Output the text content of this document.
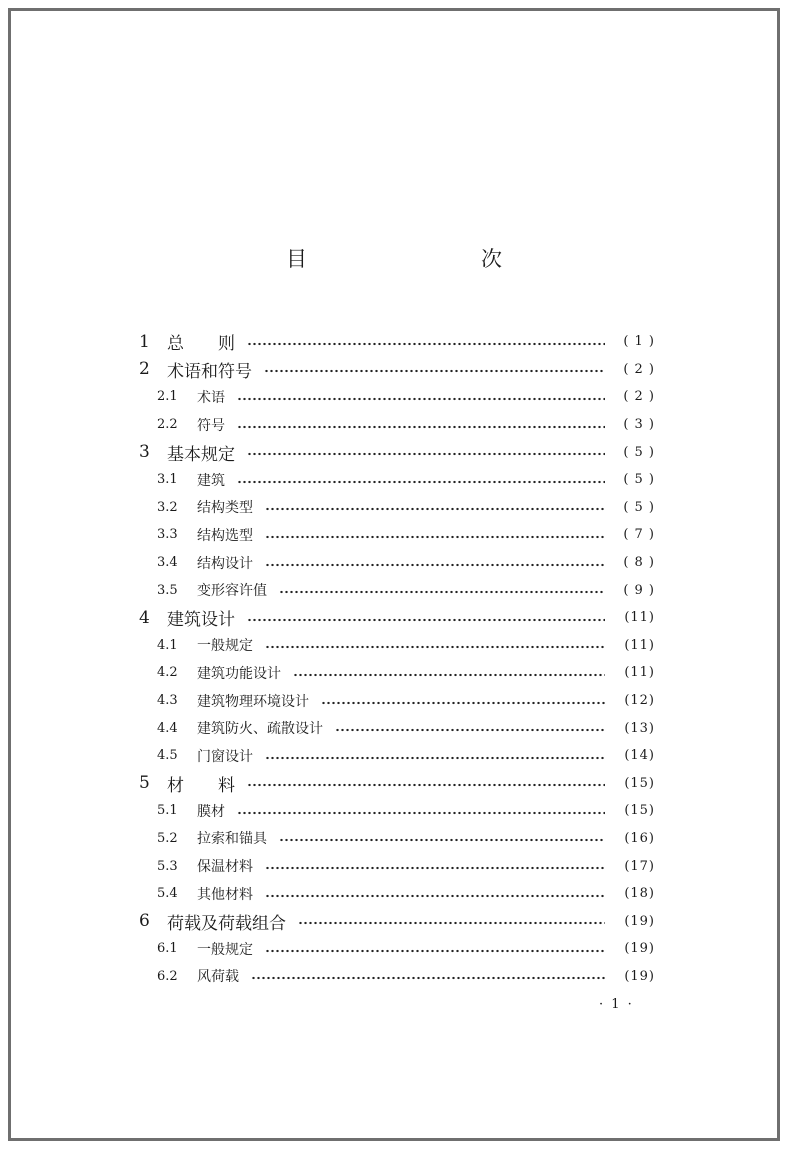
目　　次
1	总　　则	( 1 )
2	术语和符号	( 2 )
2.1	术语	( 2 )
2.2	符号	( 3 )
3	基本规定	( 5 )
3.1	建筑	( 5 )
3.2	结构类型	( 5 )
3.3	结构选型	( 7 )
3.4	结构设计	( 8 )
3.5	变形容许值	( 9 )
4	建筑设计	(11)
4.1	一般规定	(11)
4.2	建筑功能设计	(11)
4.3	建筑物理环境设计	(12)
4.4	建筑防火、疏散设计	(13)
4.5	门窗设计	(14)
5	材　　料	(15)
5.1	膜材	(15)
5.2	拉索和锚具	(16)
5.3	保温材料	(17)
5.4	其他材料	(18)
6	荷载及荷载组合	(19)
6.1	一般规定	(19)
6.2	风荷载	(19)
· 1 ·
